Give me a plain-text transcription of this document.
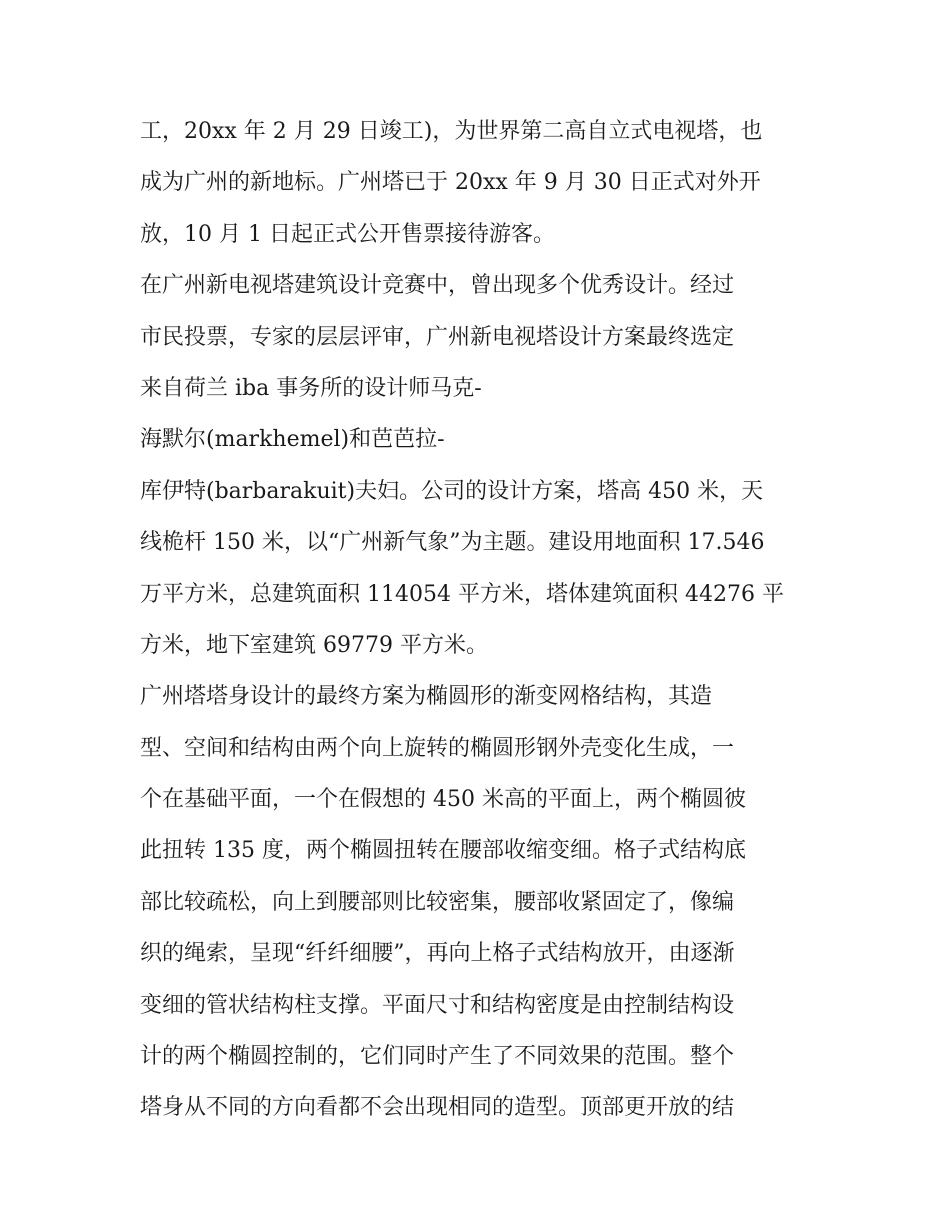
工，20xx 年 2 月 29 日竣工)，为世界第二高自立式电视塔，也
成为广州的新地标。广州塔已于 20xx 年 9 月 30 日正式对外开
放，10 月 1 日起正式公开售票接待游客。
在广州新电视塔建筑设计竞赛中，曾出现多个优秀设计。经过
市民投票，专家的层层评审，广州新电视塔设计方案最终选定
来自荷兰 iba 事务所的设计师马克-
海默尔(markhemel)和芭芭拉-
库伊特(barbarakuit)夫妇。公司的设计方案，塔高 450 米，天
线桅杆 150 米，以“广州新气象”为主题。建设用地面积 17.546
万平方米，总建筑面积 114054 平方米，塔体建筑面积 44276 平
方米，地下室建筑 69779 平方米。
广州塔塔身设计的最终方案为椭圆形的渐变网格结构，其造
型、空间和结构由两个向上旋转的椭圆形钢外壳变化生成，一
个在基础平面，一个在假想的 450 米高的平面上，两个椭圆彼
此扭转 135 度，两个椭圆扭转在腰部收缩变细。格子式结构底
部比较疏松，向上到腰部则比较密集，腰部收紧固定了，像编
织的绳索，呈现“纤纤细腰”，再向上格子式结构放开，由逐渐
变细的管状结构柱支撑。平面尺寸和结构密度是由控制结构设
计的两个椭圆控制的，它们同时产生了不同效果的范围。整个
塔身从不同的方向看都不会出现相同的造型。顶部更开放的结
